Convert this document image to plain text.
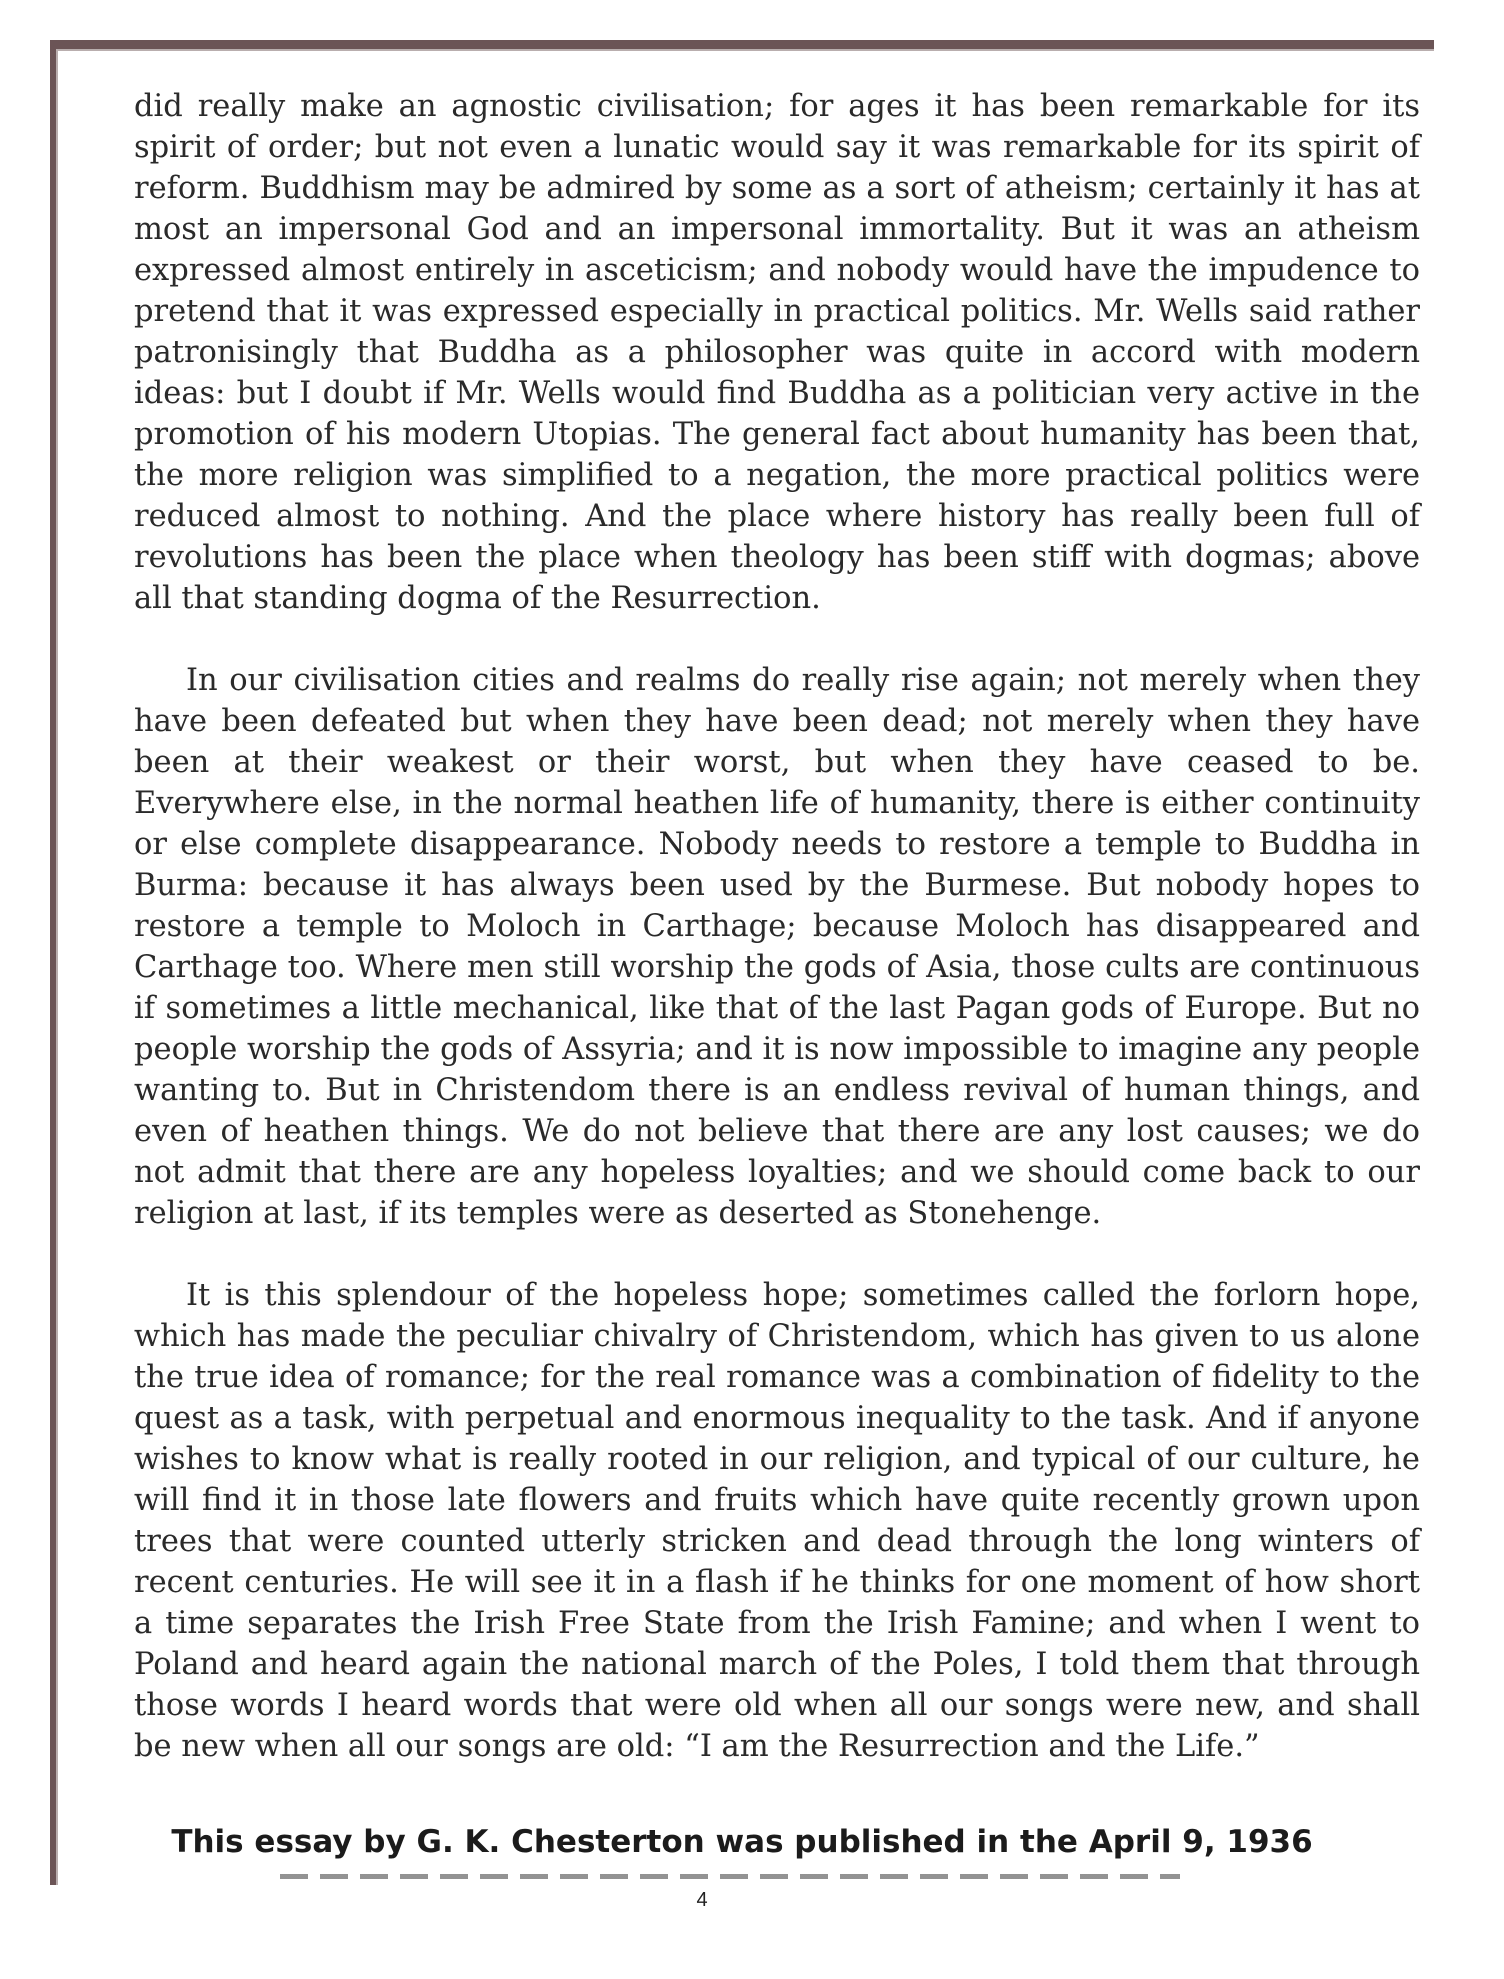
did really make an agnostic civilisation; for ages it has been remarkable for its spirit of order; but not even a lunatic would say it was remarkable for its spirit of reform. Buddhism may be admired by some as a sort of atheism; certainly it has at most an impersonal God and an impersonal immortality. But it was an atheism expressed almost entirely in asceticism; and nobody would have the impudence to pretend that it was expressed especially in practical politics. Mr. Wells said rather patronisingly that Buddha as a philosopher was quite in accord with modern ideas: but I doubt if Mr. Wells would find Buddha as a politician very active in the promotion of his modern Utopias. The general fact about humanity has been that, the more religion was simplified to a negation, the more practical politics were reduced almost to nothing. And the place where history has really been full of revolutions has been the place when theology has been stiff with dogmas; above all that standing dogma of the Resurrection.

In our civilisation cities and realms do really rise again; not merely when they have been defeated but when they have been dead; not merely when they have been at their weakest or their worst, but when they have ceased to be. Everywhere else, in the normal heathen life of humanity, there is either continuity or else complete disappearance. Nobody needs to restore a temple to Buddha in Burma: because it has always been used by the Burmese. But nobody hopes to restore a temple to Moloch in Carthage; because Moloch has disappeared and Carthage too. Where men still worship the gods of Asia, those cults are continuous if sometimes a little mechanical, like that of the last Pagan gods of Europe. But no people worship the gods of Assyria; and it is now impossible to imagine any people wanting to. But in Christendom there is an endless revival of human things, and even of heathen things. We do not believe that there are any lost causes; we do not admit that there are any hopeless loyalties; and we should come back to our religion at last, if its temples were as deserted as Stonehenge.

It is this splendour of the hopeless hope; sometimes called the forlorn hope, which has made the peculiar chivalry of Christendom, which has given to us alone the true idea of romance; for the real romance was a combination of fidelity to the quest as a task, with perpetual and enormous inequality to the task. And if anyone wishes to know what is really rooted in our religion, and typical of our culture, he will find it in those late flowers and fruits which have quite recently grown upon trees that were counted utterly stricken and dead through the long winters of recent centuries. He will see it in a flash if he thinks for one moment of how short a time separates the Irish Free State from the Irish Famine; and when I went to Poland and heard again the national march of the Poles, I told them that through those words I heard words that were old when all our songs were new, and shall be new when all our songs are old: “I am the Resurrection and the Life.”

This essay by G. K. Chesterton was published in the April 9, 1936
4
